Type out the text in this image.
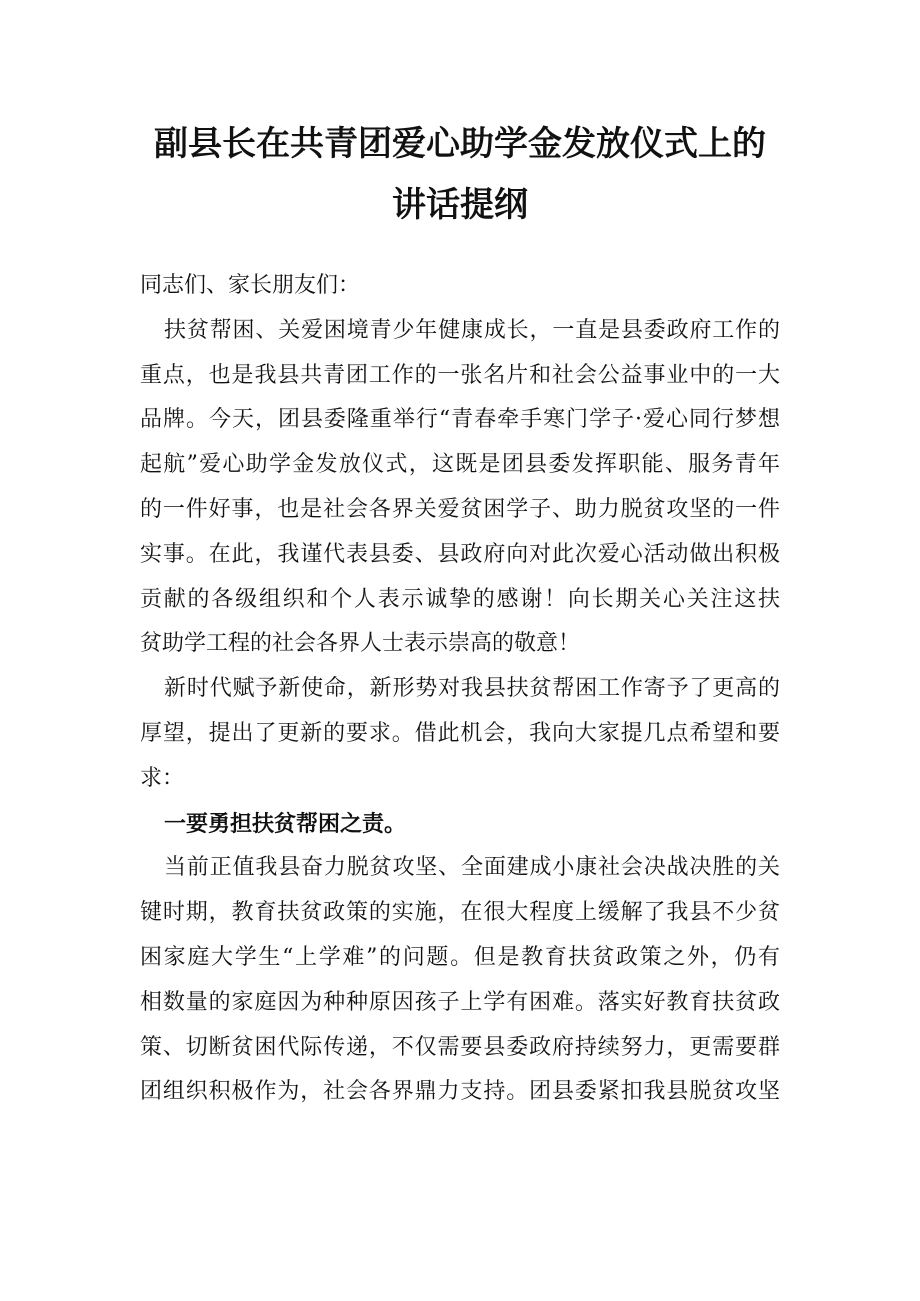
副县长在共青团爱心助学金发放仪式上的
讲话提纲
同志们、家长朋友们：
扶贫帮困、关爱困境青少年健康成长，一直是县委政府工作的
重点，也是我县共青团工作的一张名片和社会公益事业中的一大
品牌。今天，团县委隆重举行“青春牵手寒门学子·爱心同行梦想
起航”爱心助学金发放仪式，这既是团县委发挥职能、服务青年
的一件好事，也是社会各界关爱贫困学子、助力脱贫攻坚的一件
实事。在此，我谨代表县委、县政府向对此次爱心活动做出积极
贡献的各级组织和个人表示诚挚的感谢！向长期关心关注这扶
贫助学工程的社会各界人士表示崇高的敬意！
新时代赋予新使命，新形势对我县扶贫帮困工作寄予了更高的
厚望，提出了更新的要求。借此机会，我向大家提几点希望和要
求：
一要勇担扶贫帮困之责。
当前正值我县奋力脱贫攻坚、全面建成小康社会决战决胜的关
键时期，教育扶贫政策的实施，在很大程度上缓解了我县不少贫
困家庭大学生“上学难”的问题。但是教育扶贫政策之外，仍有
相数量的家庭因为种种原因孩子上学有困难。落实好教育扶贫政
策、切断贫困代际传递，不仅需要县委政府持续努力，更需要群
团组织积极作为，社会各界鼎力支持。团县委紧扣我县脱贫攻坚
